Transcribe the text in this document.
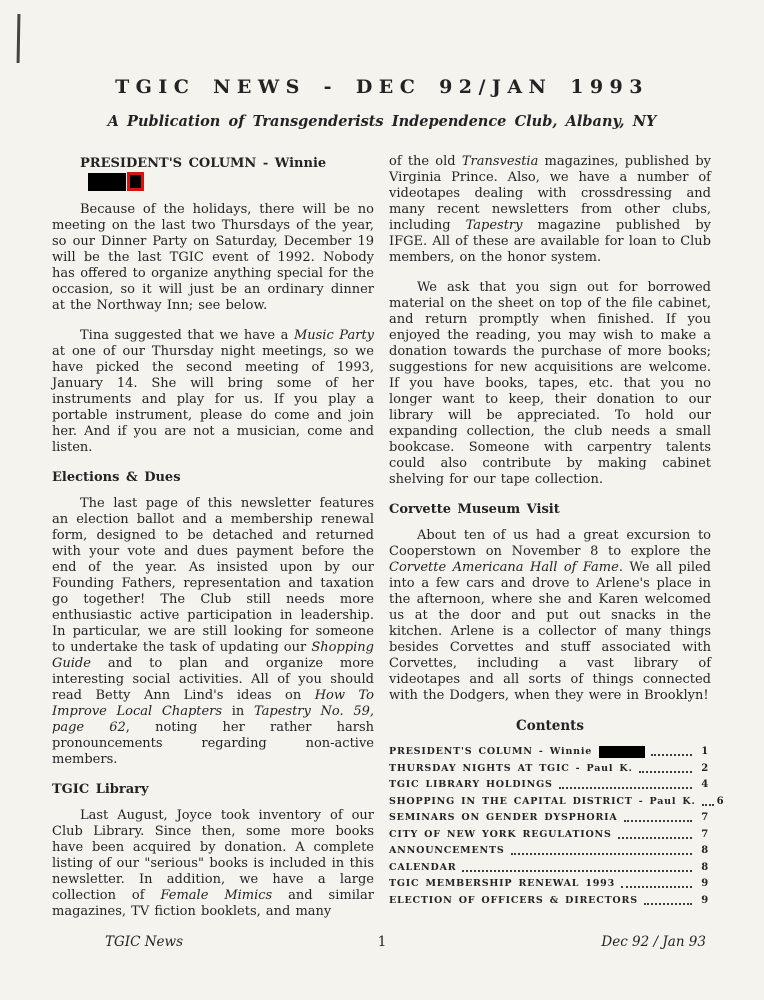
TGIC NEWS - DEC 92/JAN 1993
A Publication of Transgenderists Independence Club, Albany, NY
PRESIDENT'S COLUMN - Winnie

Because of the holidays, there will be no meeting on the last two Thursdays of the year, so our Dinner Party on Saturday, December 19 will be the last TGIC event of 1992. Nobody has offered to organize anything special for the occasion, so it will just be an ordinary dinner at the Northway Inn; see below.

Tina suggested that we have a Music Party at one of our Thursday night meetings, so we have picked the second meeting of 1993, January 14. She will bring some of her instruments and play for us. If you play a portable instrument, please do come and join her. And if you are not a musician, come and listen.

Elections & Dues

The last page of this newsletter features an election ballot and a membership renewal form, designed to be detached and returned with your vote and dues payment before the end of the year. As insisted upon by our Founding Fathers, representation and taxation go together! The Club still needs more enthusiastic active participation in leadership. In particular, we are still looking for someone to undertake the task of updating our Shopping Guide and to plan and organize more interesting social activities. All of you should read Betty Ann Lind's ideas on How To Improve Local Chapters in Tapestry No. 59, page 62, noting her rather harsh pronouncements regarding non-active members.

TGIC Library

Last August, Joyce took inventory of our Club Library. Since then, some more books have been acquired by donation. A complete listing of our "serious" books is included in this newsletter. In addition, we have a large collection of Female Mimics and similar magazines, TV fiction booklets, and many

of the old Transvestia magazines, published by Virginia Prince. Also, we have a number of videotapes dealing with crossdressing and many recent newsletters from other clubs, including Tapestry magazine published by IFGE. All of these are available for loan to Club members, on the honor system.

We ask that you sign out for borrowed material on the sheet on top of the file cabinet, and return promptly when finished. If you enjoyed the reading, you may wish to make a donation towards the purchase of more books; suggestions for new acquisitions are welcome. If you have books, tapes, etc. that you no longer want to keep, their donation to our library will be appreciated. To hold our expanding collection, the club needs a small bookcase. Someone with carpentry talents could also contribute by making cabinet shelving for our tape collection.

Corvette Museum Visit

About ten of us had a great excursion to Cooperstown on November 8 to explore the Corvette Americana Hall of Fame. We all piled into a few cars and drove to Arlene's place in the afternoon, where she and Karen welcomed us at the door and put out snacks in the kitchen. Arlene is a collector of many things besides Corvettes and stuff associated with Corvettes, including a vast library of videotapes and all sorts of things connected with the Dodgers, when they were in Brooklyn!

Contents
PRESIDENT'S COLUMN - Winnie	1
THURSDAY NIGHTS AT TGIC - Paul K.	2
TGIC LIBRARY HOLDINGS	4
SHOPPING IN THE CAPITAL DISTRICT - Paul K. 6
SEMINARS ON GENDER DYSPHORIA	7
CITY OF NEW YORK REGULATIONS	7
ANNOUNCEMENTS	8
CALENDAR	8
TGIC MEMBERSHIP RENEWAL 1993	9
ELECTION OF OFFICERS & DIRECTORS	9
TGIC News	1	Dec 92 / Jan 93
